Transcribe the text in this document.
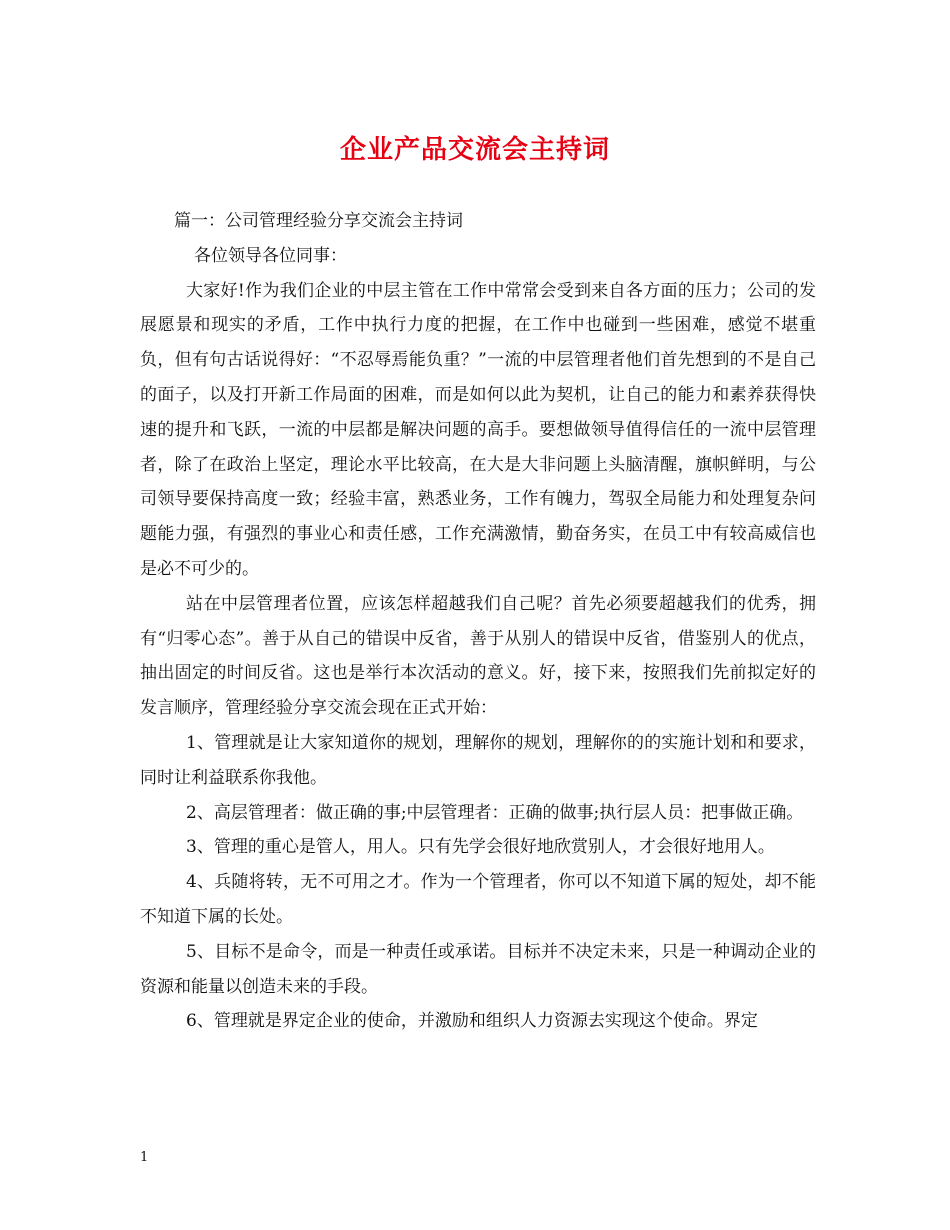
企业产品交流会主持词

篇一：公司管理经验分享交流会主持词

各位领导各位同事：

大家好!作为我们企业的中层主管在工作中常常会受到来自各方面的压力；公司的发展愿景和现实的矛盾，工作中执行力度的把握，在工作中也碰到一些困难，感觉不堪重负，但有句古话说得好：“不忍辱焉能负重？”一流的中层管理者他们首先想到的不是自己的面子，以及打开新工作局面的困难，而是如何以此为契机，让自己的能力和素养获得快速的提升和飞跃，一流的中层都是解决问题的高手。要想做领导值得信任的一流中层管理者，除了在政治上坚定，理论水平比较高，在大是大非问题上头脑清醒，旗帜鲜明，与公司领导要保持高度一致；经验丰富，熟悉业务，工作有魄力，驾驭全局能力和处理复杂问题能力强，有强烈的事业心和责任感，工作充满激情，勤奋务实，在员工中有较高威信也是必不可少的。

站在中层管理者位置，应该怎样超越我们自己呢？首先必须要超越我们的优秀，拥有“归零心态”。善于从自己的错误中反省，善于从别人的错误中反省，借鉴别人的优点，抽出固定的时间反省。这也是举行本次活动的意义。好，接下来，按照我们先前拟定好的发言顺序，管理经验分享交流会现在正式开始：

1、管理就是让大家知道你的规划，理解你的规划，理解你的的实施计划和和要求，同时让利益联系你我他。

2、高层管理者：做正确的事;中层管理者：正确的做事;执行层人员：把事做正确。

3、管理的重心是管人，用人。只有先学会很好地欣赏别人，才会很好地用人。

4、兵随将转，无不可用之才。作为一个管理者，你可以不知道下属的短处，却不能不知道下属的长处。

5、目标不是命令，而是一种责任或承诺。目标并不决定未来，只是一种调动企业的资源和能量以创造未来的手段。

6、管理就是界定企业的使命，并激励和组织人力资源去实现这个使命。界定

1
